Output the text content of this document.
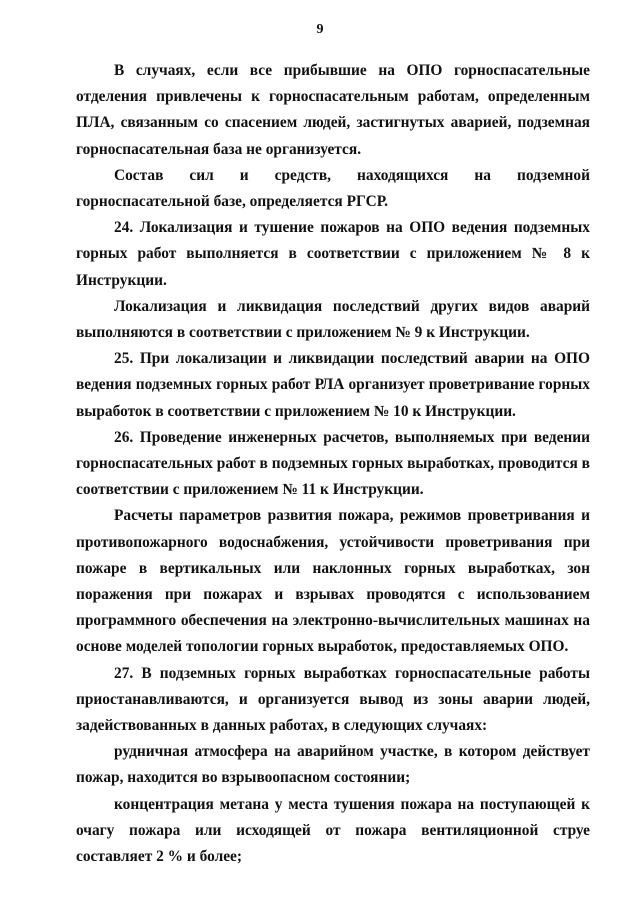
9

В случаях, если все прибывшие на ОПО горноспасательные отделения привлечены к горноспасательным работам, определенным ПЛА, связанным со спасением людей, застигнутых аварией, подземная горноспасательная база не организуется.

Состав сил и средств, находящихся на подземной горноспасательной базе, определяется РГСР.

24. Локализация и тушение пожаров на ОПО ведения подземных горных работ выполняется в соответствии с приложением № 8 к Инструкции.

Локализация и ликвидация последствий других видов аварий выполняются в соответствии с приложением № 9 к Инструкции.

25. При локализации и ликвидации последствий аварии на ОПО ведения подземных горных работ РЛА организует проветривание горных выработок в соответствии с приложением № 10 к Инструкции.

26. Проведение инженерных расчетов, выполняемых при ведении горноспасательных работ в подземных горных выработках, проводится в соответствии с приложением № 11 к Инструкции.

Расчеты параметров развития пожара, режимов проветривания и противопожарного водоснабжения, устойчивости проветривания при пожаре в вертикальных или наклонных горных выработках, зон поражения при пожарах и взрывах проводятся с использованием программного обеспечения на электронно-вычислительных машинах на основе моделей топологии горных выработок, предоставляемых ОПО.

27. В подземных горных выработках горноспасательные работы приостанавливаются, и организуется вывод из зоны аварии людей, задействованных в данных работах, в следующих случаях:

рудничная атмосфера на аварийном участке, в котором действует пожар, находится во взрывоопасном состоянии;

концентрация метана у места тушения пожара на поступающей к очагу пожара или исходящей от пожара вентиляционной струе составляет 2 % и более;
